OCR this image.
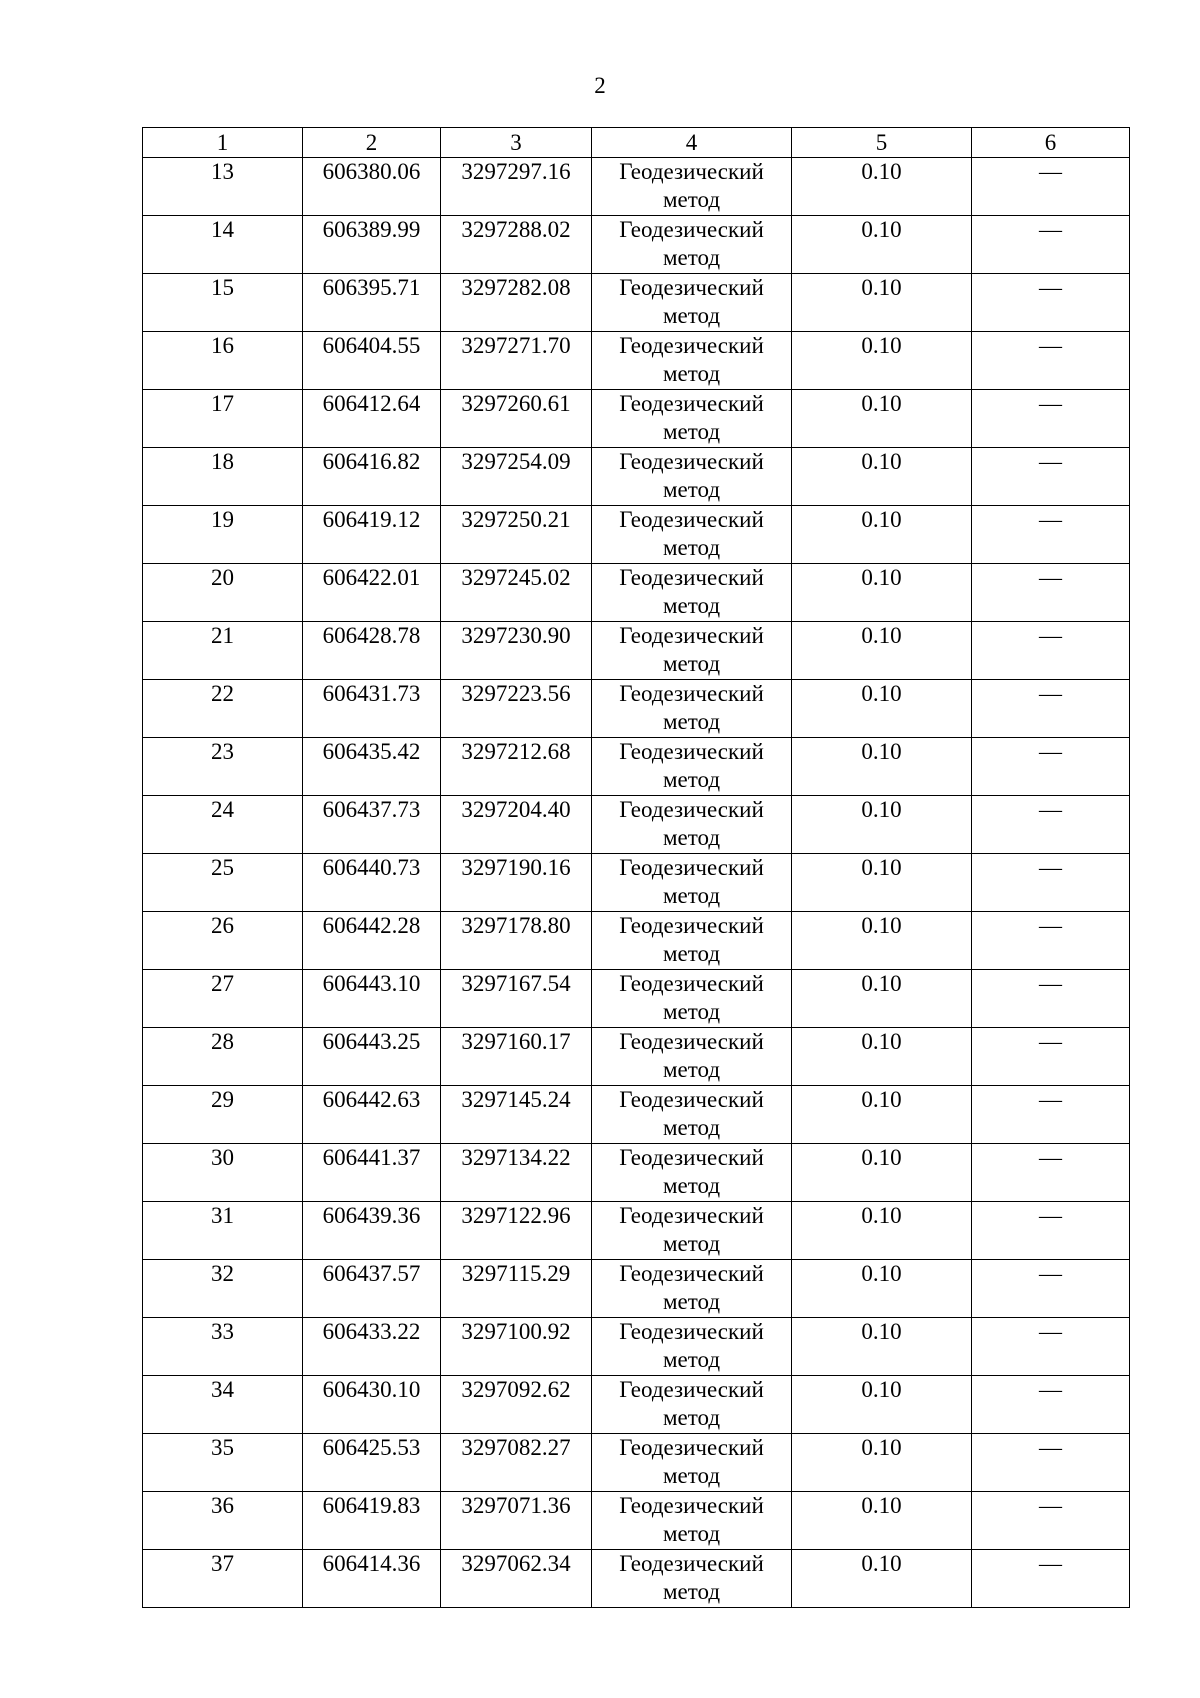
2
1	2	3	4	5	6
13	606380.06	3297297.16	Геодезический метод	0.10	—
14	606389.99	3297288.02	Геодезический метод	0.10	—
15	606395.71	3297282.08	Геодезический метод	0.10	—
16	606404.55	3297271.70	Геодезический метод	0.10	—
17	606412.64	3297260.61	Геодезический метод	0.10	—
18	606416.82	3297254.09	Геодезический метод	0.10	—
19	606419.12	3297250.21	Геодезический метод	0.10	—
20	606422.01	3297245.02	Геодезический метод	0.10	—
21	606428.78	3297230.90	Геодезический метод	0.10	—
22	606431.73	3297223.56	Геодезический метод	0.10	—
23	606435.42	3297212.68	Геодезический метод	0.10	—
24	606437.73	3297204.40	Геодезический метод	0.10	—
25	606440.73	3297190.16	Геодезический метод	0.10	—
26	606442.28	3297178.80	Геодезический метод	0.10	—
27	606443.10	3297167.54	Геодезический метод	0.10	—
28	606443.25	3297160.17	Геодезический метод	0.10	—
29	606442.63	3297145.24	Геодезический метод	0.10	—
30	606441.37	3297134.22	Геодезический метод	0.10	—
31	606439.36	3297122.96	Геодезический метод	0.10	—
32	606437.57	3297115.29	Геодезический метод	0.10	—
33	606433.22	3297100.92	Геодезический метод	0.10	—
34	606430.10	3297092.62	Геодезический метод	0.10	—
35	606425.53	3297082.27	Геодезический метод	0.10	—
36	606419.83	3297071.36	Геодезический метод	0.10	—
37	606414.36	3297062.34	Геодезический метод	0.10	—
